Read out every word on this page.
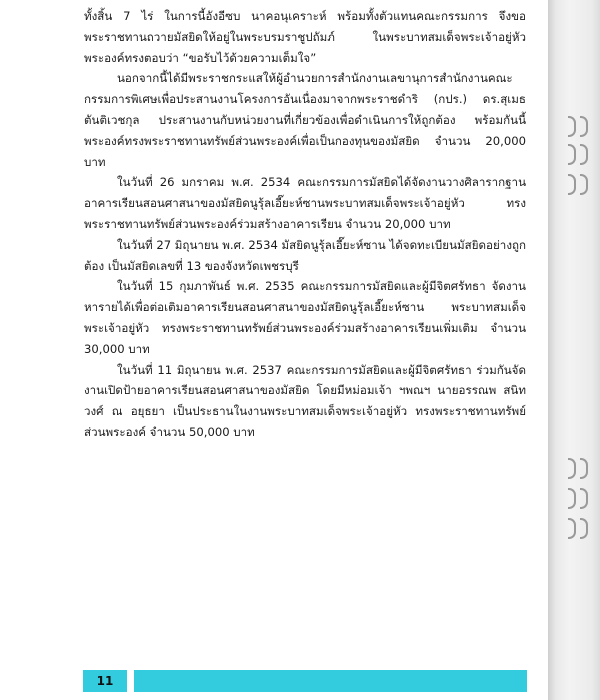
ทั้งสิ้น 7 ไร่ ในการนี้อังอีซบ นาคอนุเคราะห์ พร้อมทั้งตัวแทนคณะกรรมการ จึงขอพระราชทานถวายมัสยิดให้อยู่ในพระบรมราชูปถัมภ์ ในพระบาทสมเด็จพระเจ้าอยู่หัว พระองค์ทรงตอบว่า “ขอรับไว้ด้วยความเต็มใจ”

นอกจากนี้ได้มีพระราชกระแสให้ผู้อำนวยการสำนักงานเลขานุการสำนักงานคณะกรรมการพิเศษเพื่อประสานงานโครงการอันเนื่องมาจากพระราชดำริ (กปร.) ดร.สุเมธ ตันติเวชกุล ประสานงานกับหน่วยงานที่เกี่ยวข้องเพื่อดำเนินการให้ถูกต้อง พร้อมกันนี้พระองค์ทรงพระราชทานทรัพย์ส่วนพระองค์เพื่อเป็นกองทุนของมัสยิด จำนวน 20,000 บาท

ในวันที่ 26 มกราคม พ.ศ. 2534 คณะกรรมการมัสยิดได้จัดงานวางศิลารากฐานอาคารเรียนสอนศาสนาของมัสยิดนูรุ้ลเอี๊ยะห์ซานพระบาทสมเด็จพระเจ้าอยู่หัว ทรงพระราชทานทรัพย์ส่วนพระองค์ร่วมสร้างอาคารเรียน จำนวน 20,000 บาท

ในวันที่ 27 มิถุนายน พ.ศ. 2534 มัสยิดนูรุ้ลเอี๊ยะห์ซาน ได้จดทะเบียนมัสยิดอย่างถูกต้อง เป็นมัสยิดเลขที่ 13 ของจังหวัดเพชรบุรี

ในวันที่ 15 กุมภาพันธ์ พ.ศ. 2535 คณะกรรมการมัสยิดและผู้มีจิตศรัทธา จัดงานหารายได้เพื่อต่อเติมอาคารเรียนสอนศาสนาของมัสยิดนูรุ้ลเอี๊ยะห์ซาน พระบาทสมเด็จพระเจ้าอยู่หัว ทรงพระราชทานทรัพย์ส่วนพระองค์ร่วมสร้างอาคารเรียนเพิ่มเติม จำนวน 30,000 บาท

ในวันที่ 11 มิถุนายน พ.ศ. 2537 คณะกรรมการมัสยิดและผู้มีจิตศรัทธา ร่วมกันจัดงานเปิดป้ายอาคารเรียนสอนศาสนาของมัสยิด โดยมีหม่อมเจ้า ฯพณฯ นายอรรณพ สนิทวงศ์ ณ อยุธยา เป็นประธานในงานพระบาทสมเด็จพระเจ้าอยู่หัว ทรงพระราชทานทรัพย์ส่วนพระองค์ จำนวน 50,000 บาท

11
